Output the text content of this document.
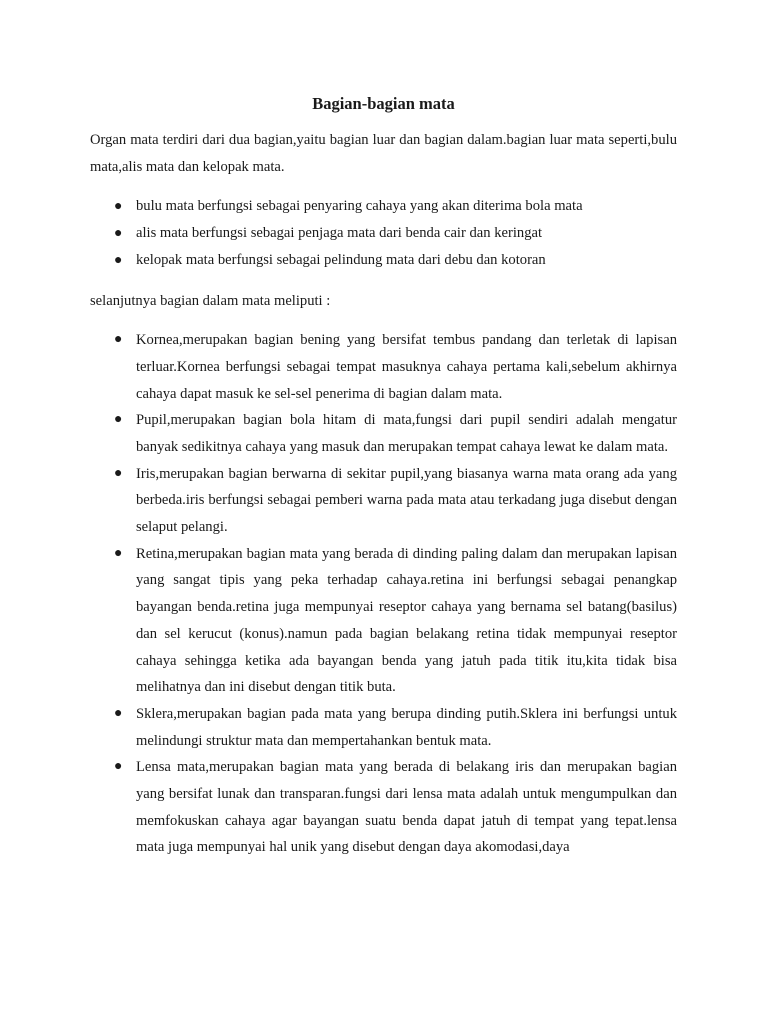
Bagian-bagian mata

Organ mata terdiri dari dua bagian,yaitu bagian luar dan bagian dalam.bagian luar mata seperti,bulu mata,alis mata dan kelopak mata.

● bulu mata berfungsi sebagai penyaring cahaya yang akan diterima bola mata
● alis mata berfungsi sebagai penjaga mata dari benda cair dan keringat
● kelopak mata berfungsi sebagai pelindung mata dari debu dan kotoran

selanjutnya bagian dalam mata meliputi :

● Kornea,merupakan bagian bening yang bersifat tembus pandang dan terletak di lapisan terluar.Kornea berfungsi sebagai tempat masuknya cahaya pertama kali,sebelum akhirnya cahaya dapat masuk ke sel-sel penerima di bagian dalam mata.
● Pupil,merupakan bagian bola hitam di mata,fungsi dari pupil sendiri adalah mengatur banyak sedikitnya cahaya yang masuk dan merupakan tempat cahaya lewat ke dalam mata.
● Iris,merupakan bagian berwarna di sekitar pupil,yang biasanya warna mata orang ada yang berbeda.iris berfungsi sebagai pemberi warna pada mata atau terkadang juga disebut dengan selaput pelangi.
● Retina,merupakan bagian mata yang berada di dinding paling dalam dan merupakan lapisan yang sangat tipis yang peka terhadap cahaya.retina ini berfungsi sebagai penangkap bayangan benda.retina juga mempunyai reseptor cahaya yang bernama sel batang(basilus) dan sel kerucut (konus).namun pada bagian belakang retina tidak mempunyai reseptor cahaya sehingga ketika ada bayangan benda yang jatuh pada titik itu,kita tidak bisa melihatnya dan ini disebut dengan titik buta.
● Sklera,merupakan bagian pada mata yang berupa dinding putih.Sklera ini berfungsi untuk melindungi struktur mata dan mempertahankan bentuk mata.
● Lensa mata,merupakan bagian mata yang berada di belakang iris dan merupakan bagian yang bersifat lunak dan transparan.fungsi dari lensa mata adalah untuk mengumpulkan dan memfokuskan cahaya agar bayangan suatu benda dapat jatuh di tempat yang tepat.lensa mata juga mempunyai hal unik yang disebut dengan daya akomodasi,daya
